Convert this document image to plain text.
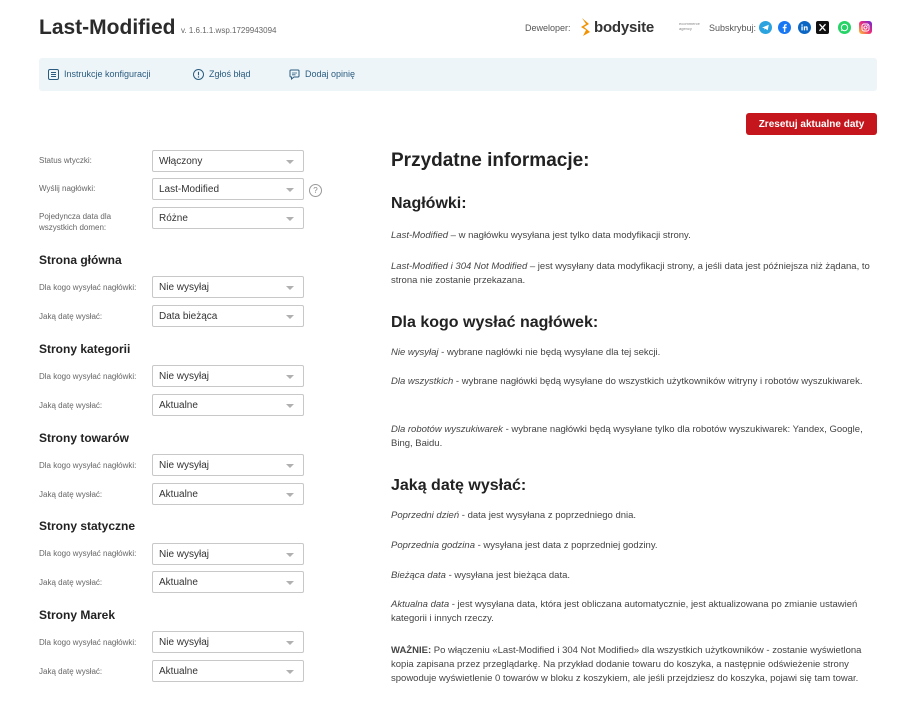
Last-Modified v. 1.6.1.1.wsp.1729943094	Deweloper: bodysite	ecommerce agency	Subskrybuj:
Instrukcje konfiguracji	Zgłoś błąd	Dodaj opinię
Zresetuj aktualne daty
Status wtyczki:	Włączony
Wyślij nagłówki:	Last-Modified	?
Pojedyncza data dla wszystkich domen:
Różne
Strona główna
Dla kogo wysyłać nagłówki: Nie wysyłaj
Jaką datę wysłać:	Data bieżąca
Strony kategorii
Dla kogo wysyłać nagłówki: Nie wysyłaj
Jaką datę wysłać:	Aktualne
Strony towarów
Dla kogo wysyłać nagłówki: Nie wysyłaj
Jaką datę wysłać:	Aktualne
Strony statyczne
Dla kogo wysyłać nagłówki: Nie wysyłaj
Jaką datę wysłać:	Aktualne
Strony Marek
Dla kogo wysyłać nagłówki: Nie wysyłaj
Jaką datę wysłać:	Aktualne
Przydatne informacje:
Nagłówki:
Last-Modified – w nagłówku wysyłana jest tylko data modyfikacji strony.
Last-Modified i 304 Not Modified – jest wysyłany data modyfikacji strony, a jeśli data jest późniejsza niż żądana, to strona nie zostanie przekazana.
Dla kogo wysłać nagłówek:
Nie wysyłaj - wybrane nagłówki nie będą wysyłane dla tej sekcji.
Dla wszystkich - wybrane nagłówki będą wysyłane do wszystkich użytkowników witryny i robotów wyszukiwarek.
Dla robotów wyszukiwarek - wybrane nagłówki będą wysyłane tylko dla robotów wyszukiwarek: Yandex, Google, Bing, Baidu.
Jaką datę wysłać:
Poprzedni dzień - data jest wysyłana z poprzedniego dnia.
Poprzednia godzina - wysyłana jest data z poprzedniej godziny.
Bieżąca data - wysyłana jest bieżąca data.
Aktualna data - jest wysyłana data, która jest obliczana automatycznie, jest aktualizowana po zmianie ustawień kategorii i innych rzeczy.
WAŻNIE: Po włączeniu «Last-Modified i 304 Not Modified» dla wszystkich użytkowników - zostanie wyświetlona kopia zapisana przez przeglądarkę. Na przykład dodanie towaru do koszyka, a następnie odświeżenie strony spowoduje wyświetlenie 0 towarów w bloku z koszykiem, ale jeśli przejdziesz do koszyka, pojawi się tam towar.
